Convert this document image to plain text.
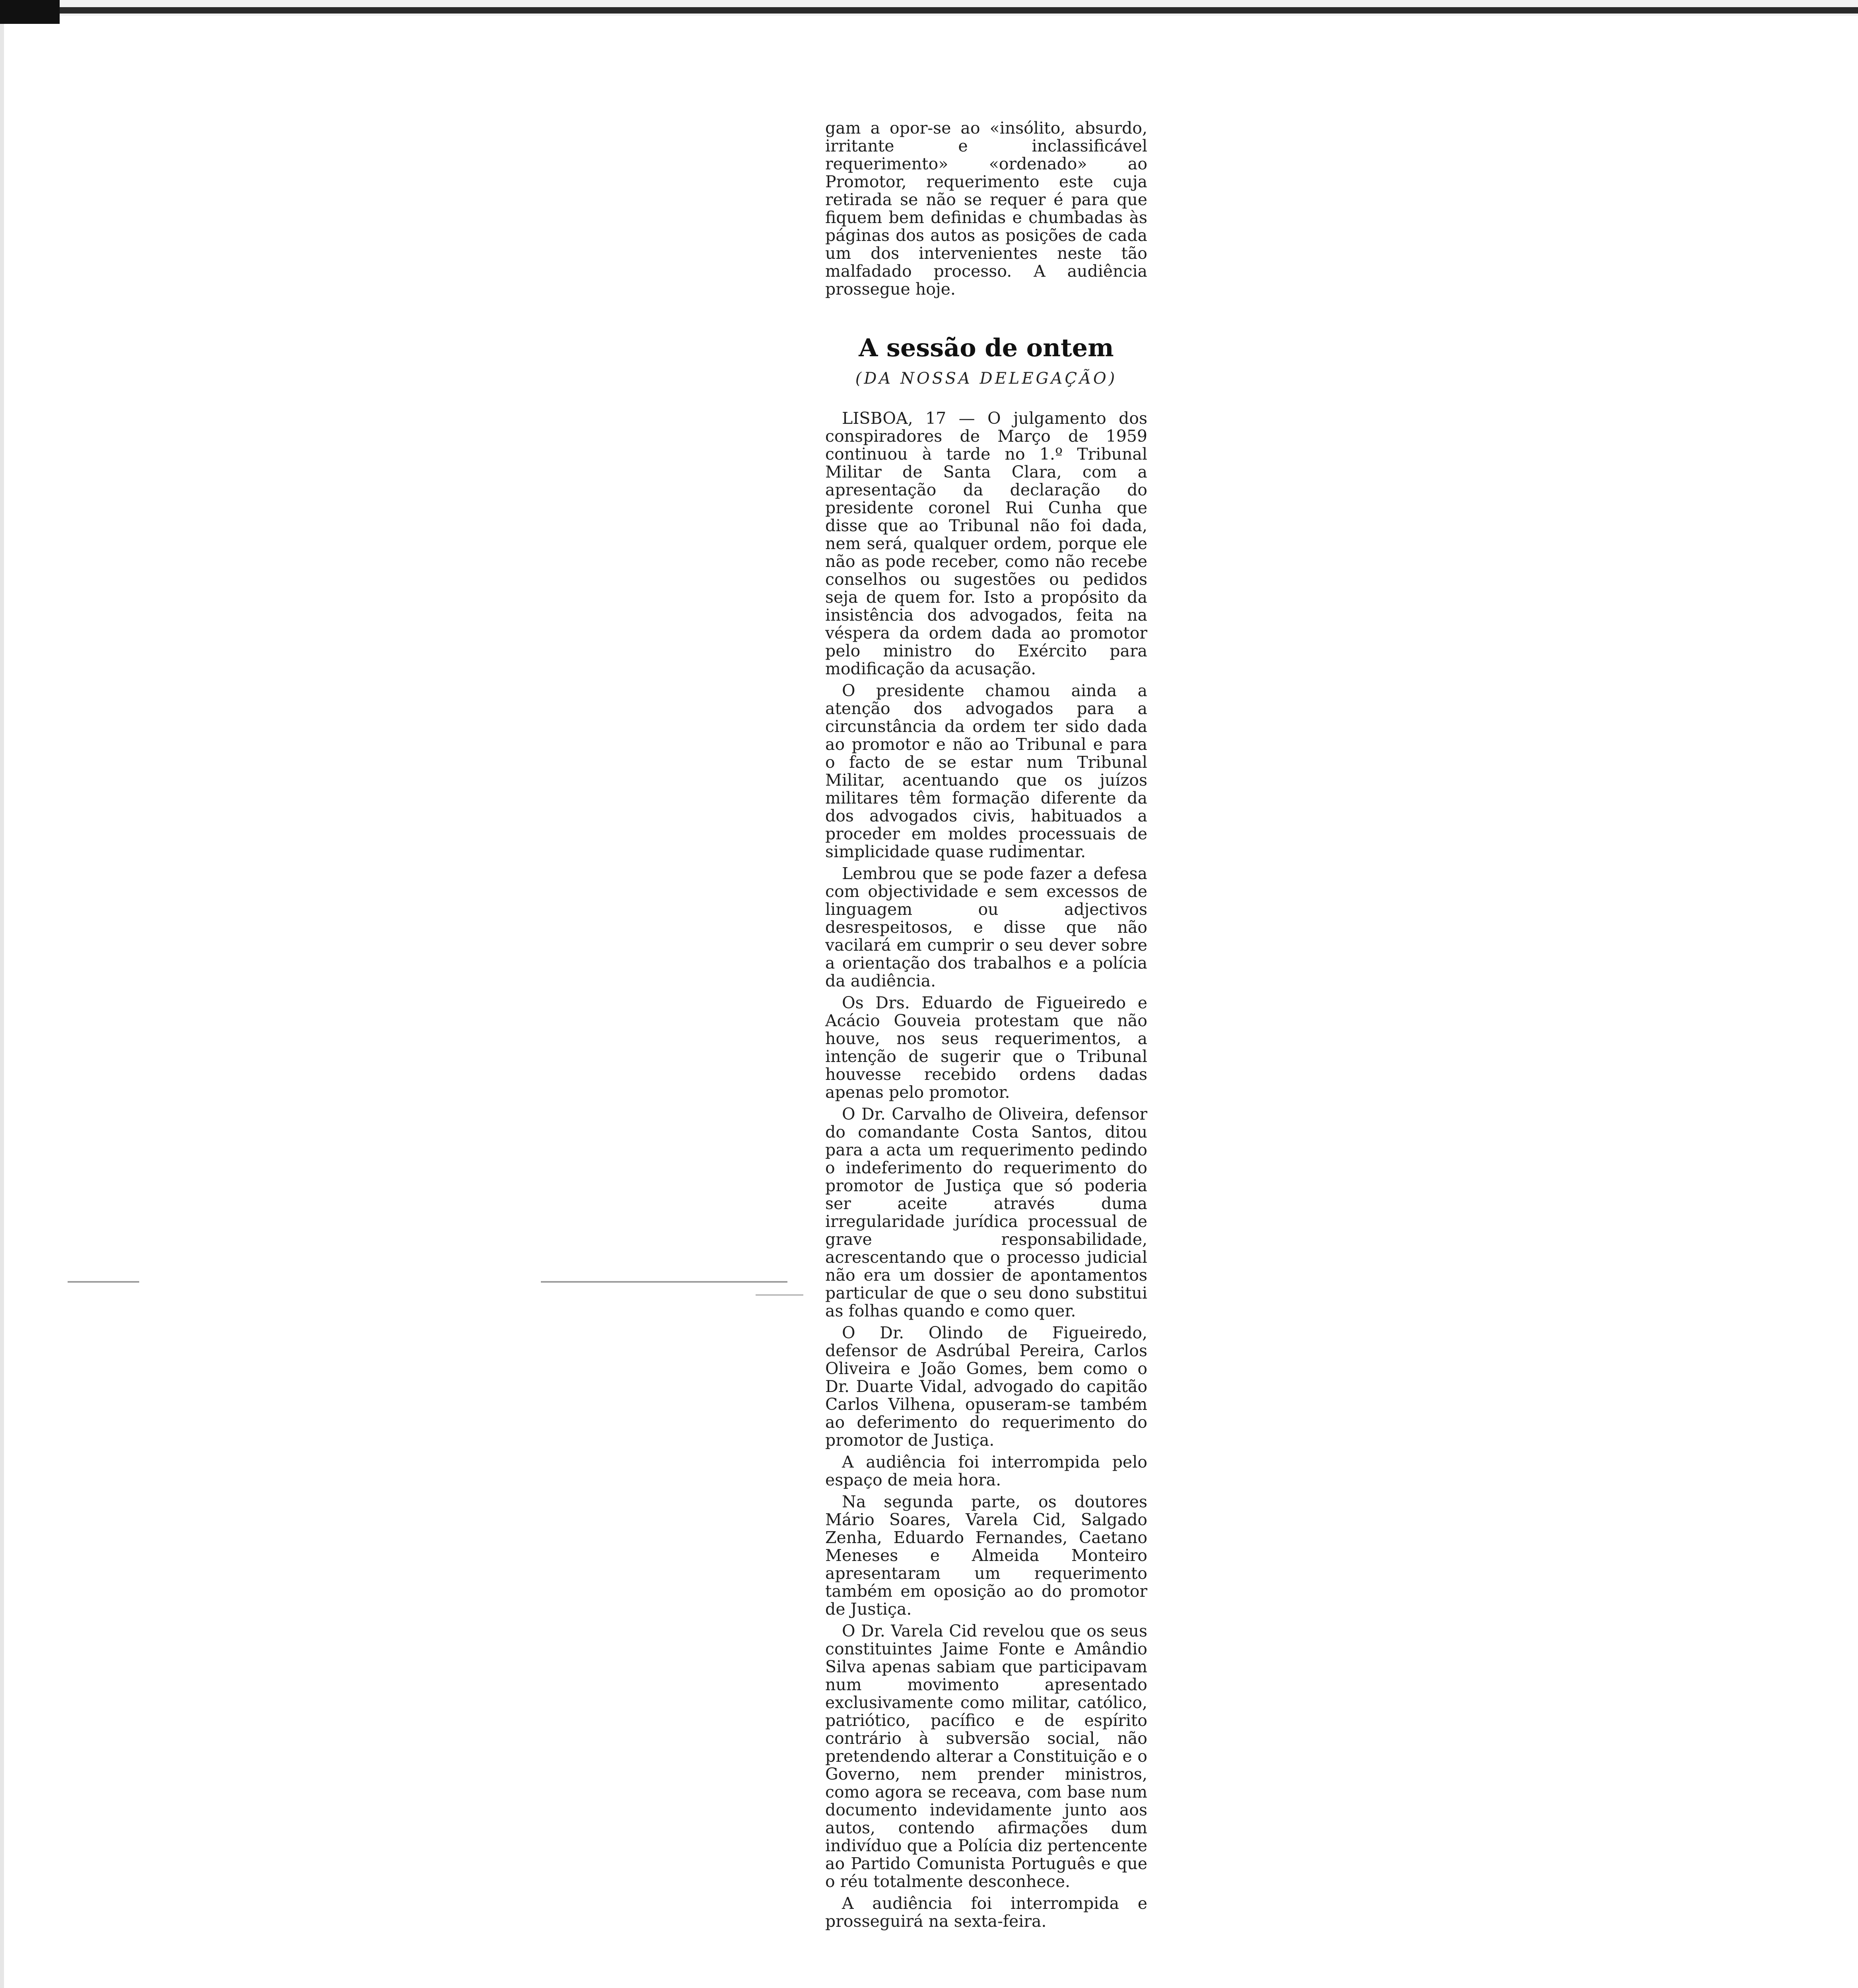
gam a opor-se ao «insólito, absurdo, irritante e inclassificável requerimento» «ordenado» ao Promotor, requerimento este cuja retirada se não se requer é para que fiquem bem definidas e chumbadas às páginas dos autos as posições de cada um dos intervenientes neste tão malfadado processo. A audiência prossegue hoje.

A sessão de ontem
(DA NOSSA DELEGAÇÃO)

LISBOA, 17 — O julgamento dos conspiradores de Março de 1959 continuou à tarde no 1.º Tribunal Militar de Santa Clara, com a apresentação da declaração do presidente coronel Rui Cunha que disse que ao Tribunal não foi dada, nem será, qualquer ordem, porque ele não as pode receber, como não recebe conselhos ou sugestões ou pedidos seja de quem for. Isto a propósito da insistência dos advogados, feita na véspera da ordem dada ao promotor pelo ministro do Exército para modificação da acusação.

O presidente chamou ainda a atenção dos advogados para a circunstância da ordem ter sido dada ao promotor e não ao Tribunal e para o facto de se estar num Tribunal Militar, acentuando que os juízos militares têm formação diferente da dos advogados civis, habituados a proceder em moldes processuais de simplicidade quase rudimentar.

Lembrou que se pode fazer a defesa com objectividade e sem excessos de linguagem ou adjectivos desrespeitosos, e disse que não vacilará em cumprir o seu dever sobre a orientação dos trabalhos e a polícia da audiência.

Os Drs. Eduardo de Figueiredo e Acácio Gouveia protestam que não houve, nos seus requerimentos, a intenção de sugerir que o Tribunal houvesse recebido ordens dadas apenas pelo promotor.

O Dr. Carvalho de Oliveira, defensor do comandante Costa Santos, ditou para a acta um requerimento pedindo o indeferimento do requerimento do promotor de Justiça que só poderia ser aceite através duma irregularidade jurídica processual de grave responsabilidade, acrescentando que o processo judicial não era um dossier de apontamentos particular de que o seu dono substitui as folhas quando e como quer.

O Dr. Olindo de Figueiredo, defensor de Asdrúbal Pereira, Carlos Oliveira e João Gomes, bem como o Dr. Duarte Vidal, advogado do capitão Carlos Vilhena, opuseram-se também ao deferimento do requerimento do promotor de Justiça.

A audiência foi interrompida pelo espaço de meia hora.

Na segunda parte, os doutores Mário Soares, Varela Cid, Salgado Zenha, Eduardo Fernandes, Caetano Meneses e Almeida Monteiro apresentaram um requerimento também em oposição ao do promotor de Justiça.

O Dr. Varela Cid revelou que os seus constituintes Jaime Fonte e Amândio Silva apenas sabiam que participavam num movimento apresentado exclusivamente como militar, católico, patriótico, pacífico e de espírito contrário à subversão social, não pretendendo alterar a Constituição e o Governo, nem prender ministros, como agora se receava, com base num documento indevidamente junto aos autos, contendo afirmações dum indivíduo que a Polícia diz pertencente ao Partido Comunista Português e que o réu totalmente desconhece.

A audiência foi interrompida e prosseguirá na sexta-feira.
